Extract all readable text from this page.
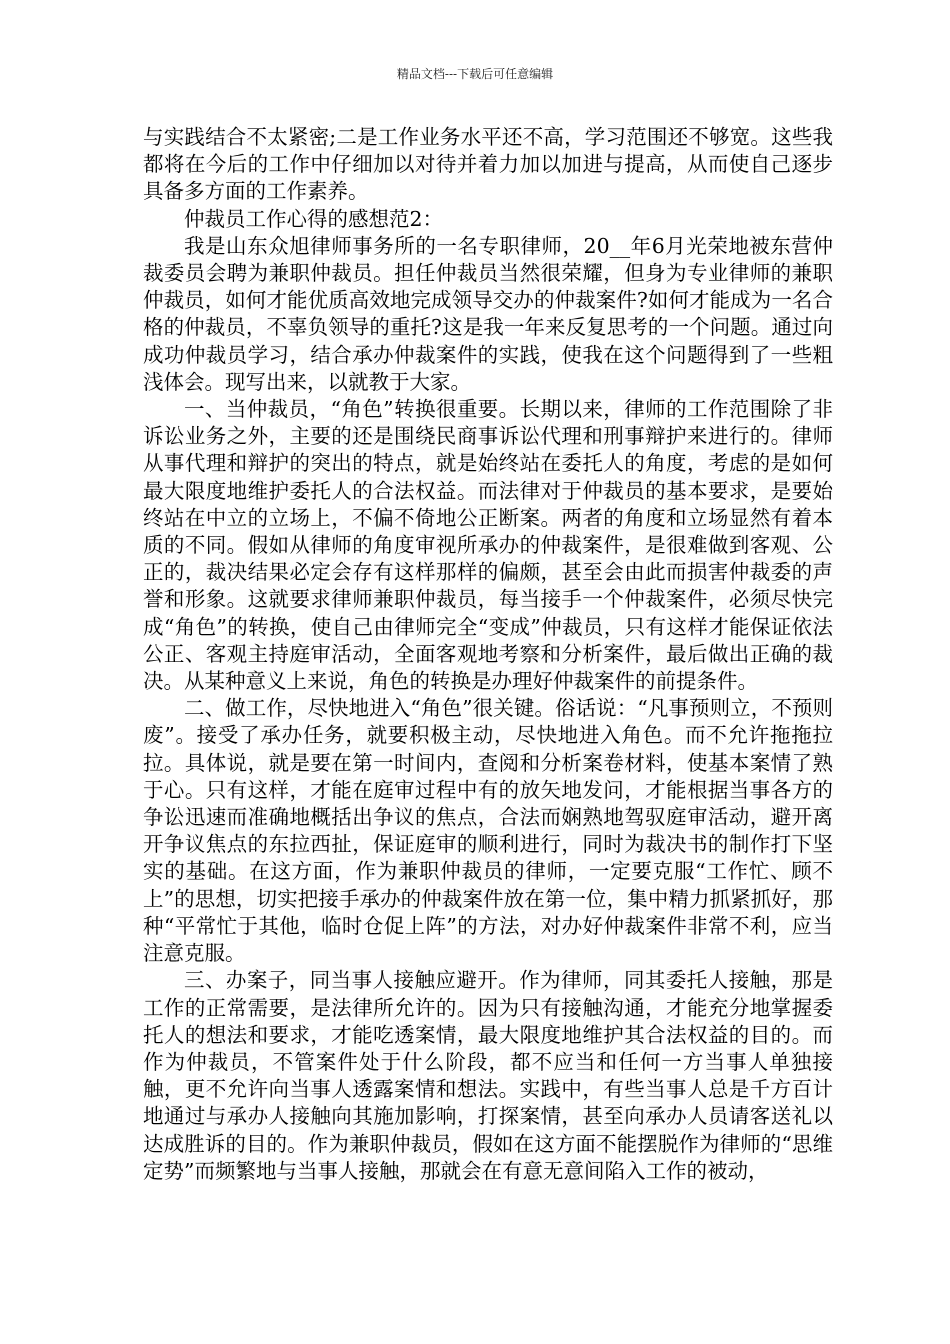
精品文档---下载后可任意编辑

与实践结合不太紧密;二是工作业务水平还不高，学习范围还不够宽。这些我都将在今后的工作中仔细加以对待并着力加以加进与提高，从而使自己逐步具备多方面的工作素养。

仲裁员工作心得的感想范2：

我是山东众旭律师事务所的一名专职律师，20__年6月光荣地被东营仲裁委员会聘为兼职仲裁员。担任仲裁员当然很荣耀，但身为专业律师的兼职仲裁员，如何才能优质高效地完成领导交办的仲裁案件?如何才能成为一名合格的仲裁员，不辜负领导的重托?这是我一年来反复思考的一个问题。通过向成功仲裁员学习，结合承办仲裁案件的实践，使我在这个问题得到了一些粗浅体会。现写出来，以就教于大家。

一、当仲裁员，“角色”转换很重要。长期以来，律师的工作范围除了非诉讼业务之外，主要的还是围绕民商事诉讼代理和刑事辩护来进行的。律师从事代理和辩护的突出的特点，就是始终站在委托人的角度，考虑的是如何最大限度地维护委托人的合法权益。而法律对于仲裁员的基本要求，是要始终站在中立的立场上，不偏不倚地公正断案。两者的角度和立场显然有着本质的不同。假如从律师的角度审视所承办的仲裁案件，是很难做到客观、公正的，裁决结果必定会存有这样那样的偏颇，甚至会由此而损害仲裁委的声誉和形象。这就要求律师兼职仲裁员，每当接手一个仲裁案件，必须尽快完成“角色”的转换，使自己由律师完全“变成”仲裁员，只有这样才能保证依法公正、客观主持庭审活动，全面客观地考察和分析案件，最后做出正确的裁决。从某种意义上来说，角色的转换是办理好仲裁案件的前提条件。

二、做工作，尽快地进入“角色”很关键。俗话说：“凡事预则立，不预则废”。接受了承办任务，就要积极主动，尽快地进入角色。而不允许拖拖拉拉。具体说，就是要在第一时间内，查阅和分析案卷材料，使基本案情了熟于心。只有这样，才能在庭审过程中有的放矢地发问，才能根据当事各方的争讼迅速而准确地概括出争议的焦点，合法而娴熟地驾驭庭审活动，避开离开争议焦点的东拉西扯，保证庭审的顺利进行，同时为裁决书的制作打下坚实的基础。在这方面，作为兼职仲裁员的律师，一定要克服“工作忙、顾不上”的思想，切实把接手承办的仲裁案件放在第一位，集中精力抓紧抓好，那种“平常忙于其他，临时仓促上阵”的方法，对办好仲裁案件非常不利，应当注意克服。

三、办案子，同当事人接触应避开。作为律师，同其委托人接触，那是工作的正常需要，是法律所允许的。因为只有接触沟通，才能充分地掌握委托人的想法和要求，才能吃透案情，最大限度地维护其合法权益的目的。而作为仲裁员，不管案件处于什么阶段，都不应当和任何一方当事人单独接触，更不允许向当事人透露案情和想法。实践中，有些当事人总是千方百计地通过与承办人接触向其施加影响，打探案情，甚至向承办人员请客送礼以达成胜诉的目的。作为兼职仲裁员，假如在这方面不能摆脱作为律师的“思维定势”而频繁地与当事人接触，那就会在有意无意间陷入工作的被动，
